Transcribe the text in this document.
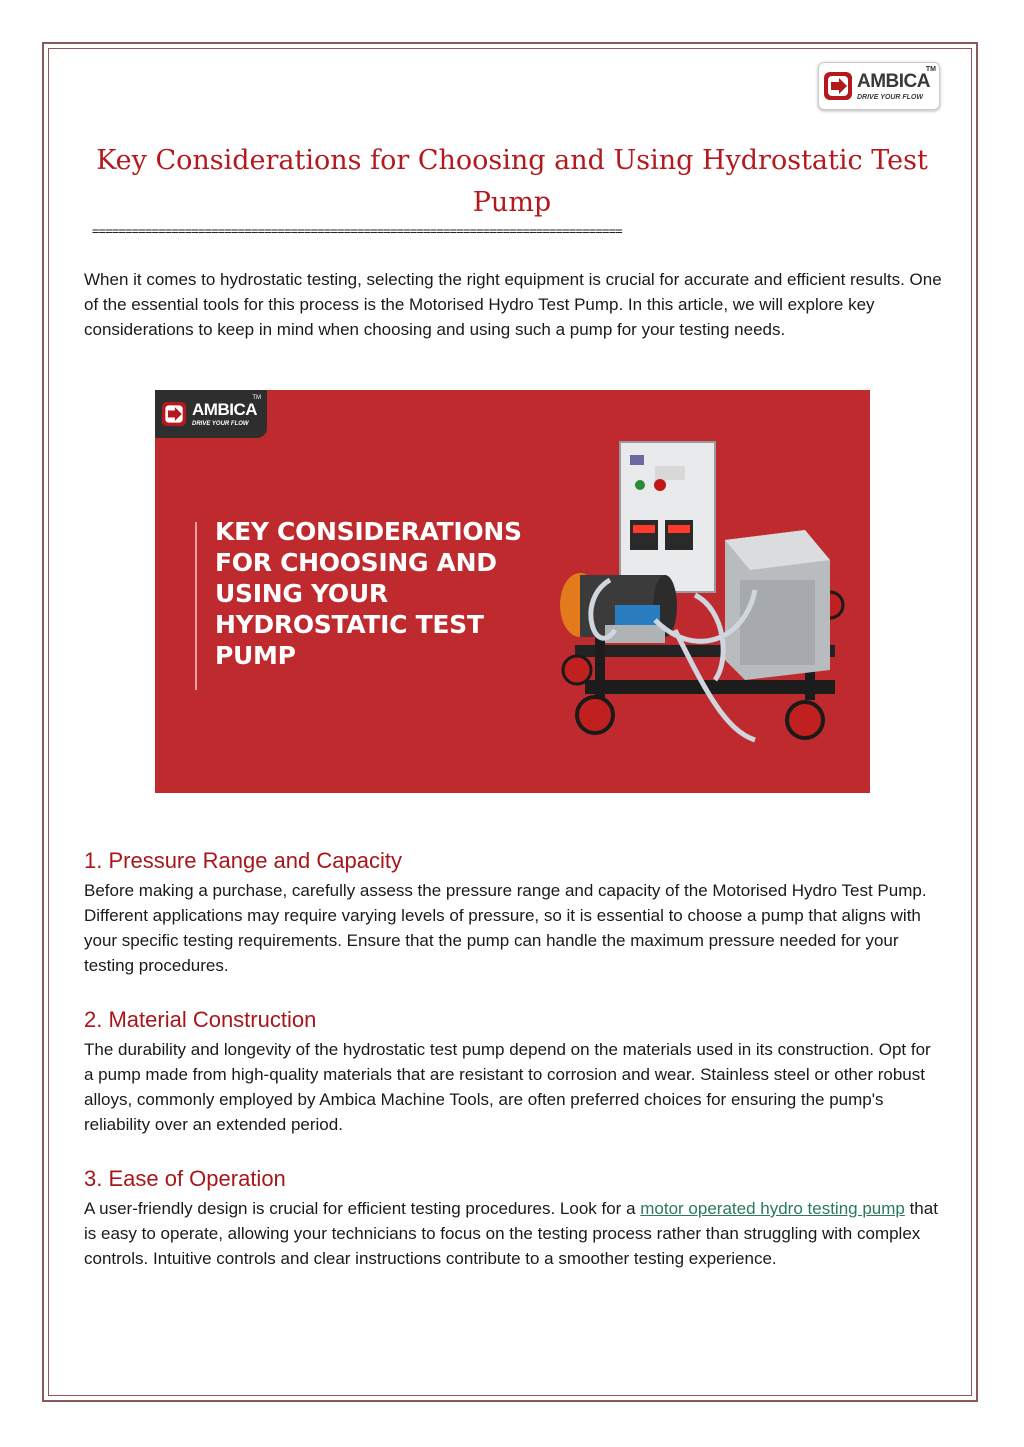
AMBICA
DRIVE YOUR FLOW
TM
Key Considerations for Choosing and Using Hydrostatic Test Pump
================================================================================

When it comes to hydrostatic testing, selecting the right equipment is crucial for accurate and efficient results. One of the essential tools for this process is the Motorised Hydro Test Pump. In this article, we will explore key considerations to keep in mind when choosing and using such a pump for your testing needs.

AMBICA
DRIVE YOUR FLOW
TM
KEY CONSIDERATIONS FOR CHOOSING AND USING YOUR HYDROSTATIC TEST PUMP
1. Pressure Range and Capacity

Before making a purchase, carefully assess the pressure range and capacity of the Motorised Hydro Test Pump. Different applications may require varying levels of pressure, so it is essential to choose a pump that aligns with your specific testing requirements. Ensure that the pump can handle the maximum pressure needed for your testing procedures.

2. Material Construction

The durability and longevity of the hydrostatic test pump depend on the materials used in its construction. Opt for a pump made from high-quality materials that are resistant to corrosion and wear. Stainless steel or other robust alloys, commonly employed by Ambica Machine Tools, are often preferred choices for ensuring the pump's reliability over an extended period.

3. Ease of Operation

A user-friendly design is crucial for efficient testing procedures. Look for a motor operated hydro testing pump that is easy to operate, allowing your technicians to focus on the testing process rather than struggling with complex controls. Intuitive controls and clear instructions contribute to a smoother testing experience.
